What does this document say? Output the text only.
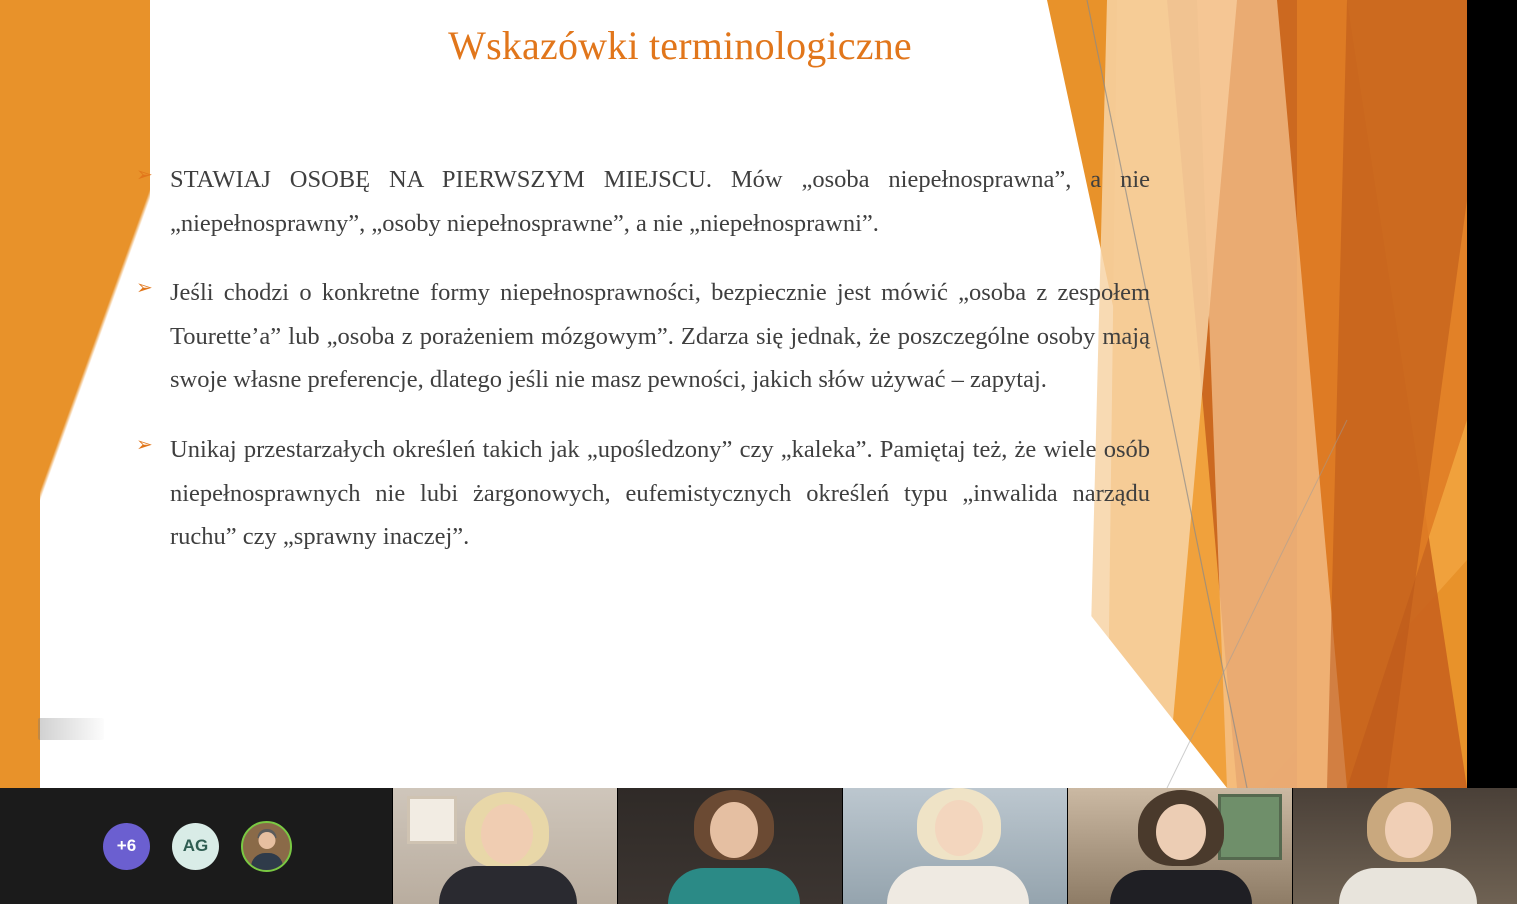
Wskazówki terminologiczne
➢ STAWIAJ OSOBĘ NA PIERWSZYM MIEJSCU. Mów „osoba niepełnosprawna”, a nie „niepełnosprawny”, „osoby niepełnosprawne”, a nie „niepełnosprawni”.
➢ Jeśli chodzi o konkretne formy niepełnosprawności, bezpiecznie jest mówić „osoba z zespołem Tourette’a” lub „osoba z porażeniem mózgowym”. Zdarza się jednak, że poszczególne osoby mają swoje własne preferencje, dlatego jeśli nie masz pewności, jakich słów używać – zapytaj.
➢ Unikaj przestarzałych określeń takich jak „upośledzony” czy „kaleka”. Pamiętaj też, że wiele osób niepełnosprawnych nie lubi żargonowych, eufemistycznych określeń typu „inwalida narządu ruchu” czy „sprawny inaczej”.
+6	AG
